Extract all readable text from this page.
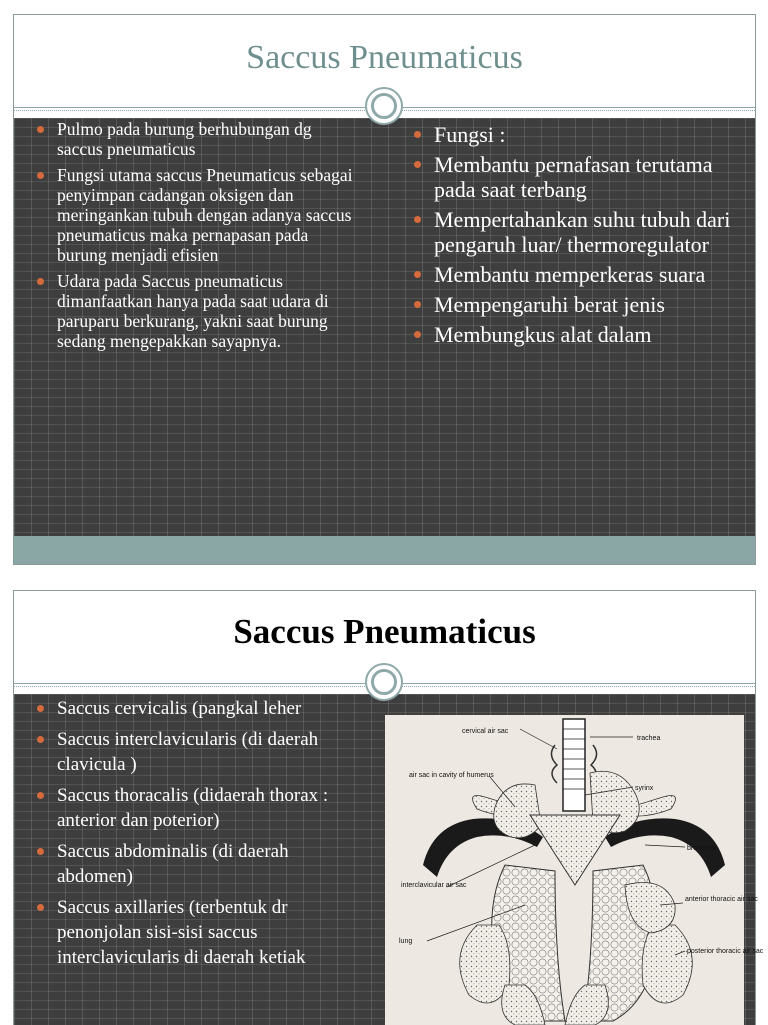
Saccus Pneumaticus
Pulmo pada burung berhubungan dg saccus pneumaticus
Fungsi utama saccus Pneumaticus sebagai penyimpan cadangan oksigen dan meringankan tubuh dengan adanya saccus pneumaticus maka pernapasan pada burung menjadi efisien
Udara pada Saccus pneumaticus dimanfaatkan hanya pada saat udara di paruparu berkurang, yakni saat burung sedang mengepakkan sayapnya.
Fungsi :
Membantu pernafasan terutama pada saat terbang
Mempertahankan suhu tubuh dari pengaruh luar/ thermoregulator
Membantu memperkeras suara
Mempengaruhi berat jenis
Membungkus alat dalam
Saccus Pneumaticus
Saccus cervicalis (pangkal leher
Saccus interclavicularis (di daerah clavicula )
Saccus thoracalis (didaerah thorax : anterior dan poterior)
Saccus abdominalis (di daerah abdomen)
Saccus axillaries (terbentuk dr penonjolan sisi-sisi saccus interclavicularis di daerah ketiak
cervical air sac
trachea
air sac in cavity of humerus
syrinx
bronchus
interclavicular air sac
anterior thoracic air sac
lung
posterior thoracic air sac
